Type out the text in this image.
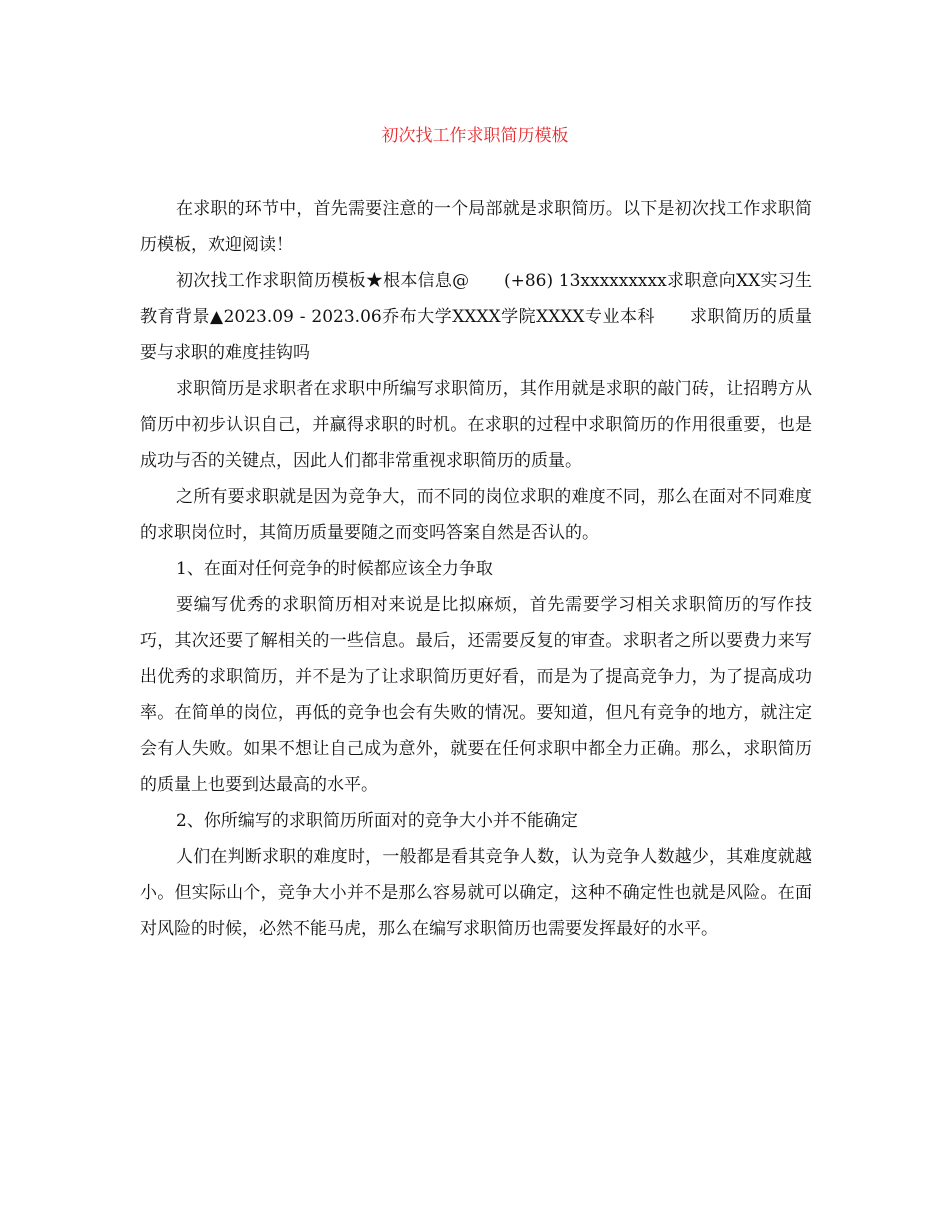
初次找工作求职简历模板

在求职的环节中，首先需要注意的一个局部就是求职简历。以下是初次找工作求职简历模板，欢迎阅读！

初次找工作求职简历模板★根本信息@　　(+86) 13xxxxxxxxx求职意向XX实习生教育背景▲2023.09 - 2023.06乔布大学XXXX学院XXXX专业本科　　求职简历的质量要与求职的难度挂钩吗

求职简历是求职者在求职中所编写求职简历，其作用就是求职的敲门砖，让招聘方从简历中初步认识自己，并赢得求职的时机。在求职的过程中求职简历的作用很重要，也是成功与否的关键点，因此人们都非常重视求职简历的质量。

之所有要求职就是因为竞争大，而不同的岗位求职的难度不同，那么在面对不同难度的求职岗位时，其简历质量要随之而变吗答案自然是否认的。

1、在面对任何竞争的时候都应该全力争取

要编写优秀的求职简历相对来说是比拟麻烦，首先需要学习相关求职简历的写作技巧，其次还要了解相关的一些信息。最后，还需要反复的审查。求职者之所以要费力来写出优秀的求职简历，并不是为了让求职简历更好看，而是为了提高竞争力，为了提高成功率。在简单的岗位，再低的竞争也会有失败的情况。要知道，但凡有竞争的地方，就注定会有人失败。如果不想让自己成为意外，就要在任何求职中都全力正确。那么，求职简历的质量上也要到达最高的水平。

2、你所编写的求职简历所面对的竞争大小并不能确定

人们在判断求职的难度时，一般都是看其竞争人数，认为竞争人数越少，其难度就越小。但实际山个，竞争大小并不是那么容易就可以确定，这种不确定性也就是风险。在面对风险的时候，必然不能马虎，那么在编写求职简历也需要发挥最好的水平。
